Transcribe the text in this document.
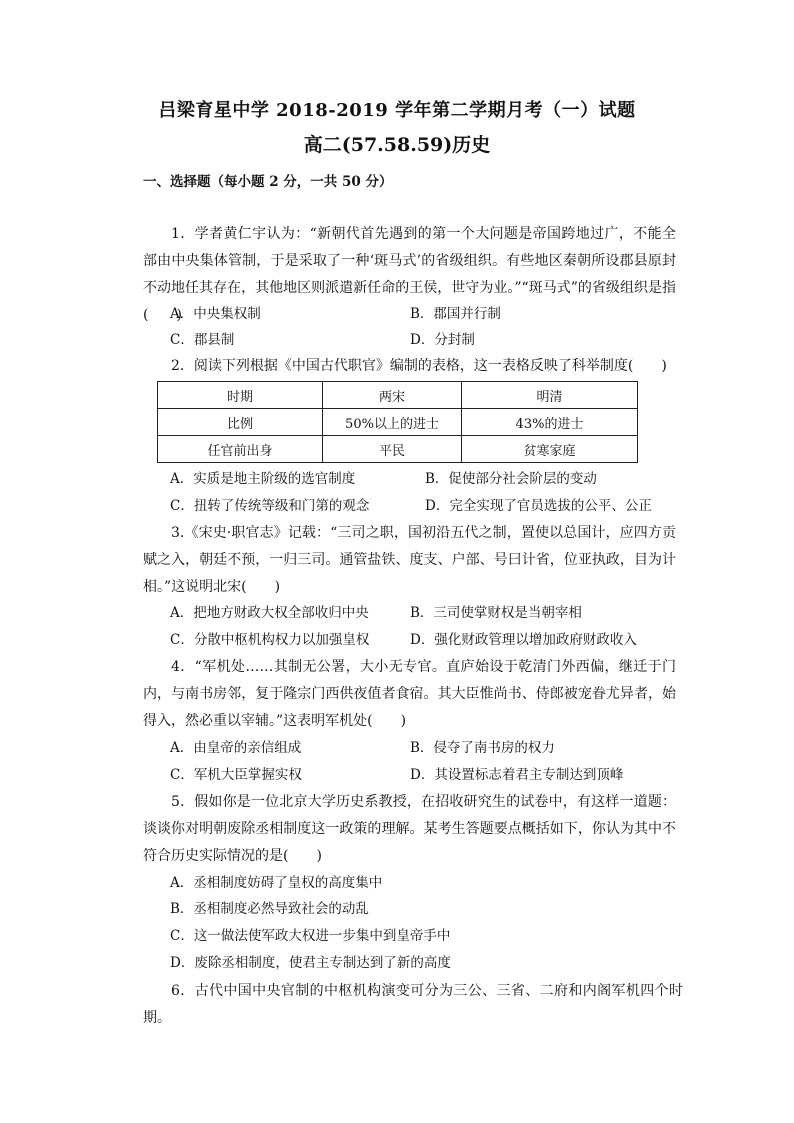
吕梁育星中学 2018-2019 学年第二学期月考（一）试题
高二(57.58.59)历史
一、选择题（每小题 2 分，一共 50 分）
1．学者黄仁宇认为：“新朝代首先遇到的第一个大问题是帝国跨地过广，不能全部由中央集体管制，于是采取了一种‘斑马式’的省级组织。有些地区秦朝所设郡县原封不动地任其存在，其他地区则派遣新任命的王侯，世守为业。”“斑马式”的省级组织是指(　　)
A．中央集权制	B．郡国并行制
C．郡县制	D．分封制
2．阅读下列根据《中国古代职官》编制的表格，这一表格反映了科举制度(　　)
时期	两宋	明清
比例	50%以上的进士	43%的进士
任官前出身	平民	贫寒家庭
A．实质是地主阶级的选官制度	B．促使部分社会阶层的变动
C．扭转了传统等级和门第的观念	D．完全实现了官员选拔的公平、公正
3.《宋史·职官志》记载：“三司之职，国初沿五代之制，置使以总国计，应四方贡赋之入，朝廷不预，一归三司。通管盐铁、度支、户部、号曰计省，位亚执政，目为计相。”这说明北宋(　　)
A．把地方财政大权全部收归中央	B．三司使掌财权是当朝宰相
C．分散中枢机构权力以加强皇权	D．强化财政管理以增加政府财政收入
4．“军机处……其制无公署，大小无专官。直庐始设于乾清门外西偏，继迁于门内，与南书房邻，复于隆宗门西供夜值者食宿。其大臣惟尚书、侍郎被宠眷尤异者，始得入，然必重以宰辅。”这表明军机处(　　)
A．由皇帝的亲信组成	B．侵夺了南书房的权力
C．军机大臣掌握实权	D．其设置标志着君主专制达到顶峰
5．假如你是一位北京大学历史系教授，在招收研究生的试卷中，有这样一道题：谈谈你对明朝废除丞相制度这一政策的理解。某考生答题要点概括如下，你认为其中不符合历史实际情况的是(　　)
A．丞相制度妨碍了皇权的高度集中
B．丞相制度必然导致社会的动乱
C．这一做法使军政大权进一步集中到皇帝手中
D．废除丞相制度，使君主专制达到了新的高度
6．古代中国中央官制的中枢机构演变可分为三公、三省、二府和内阁军机四个时期。
